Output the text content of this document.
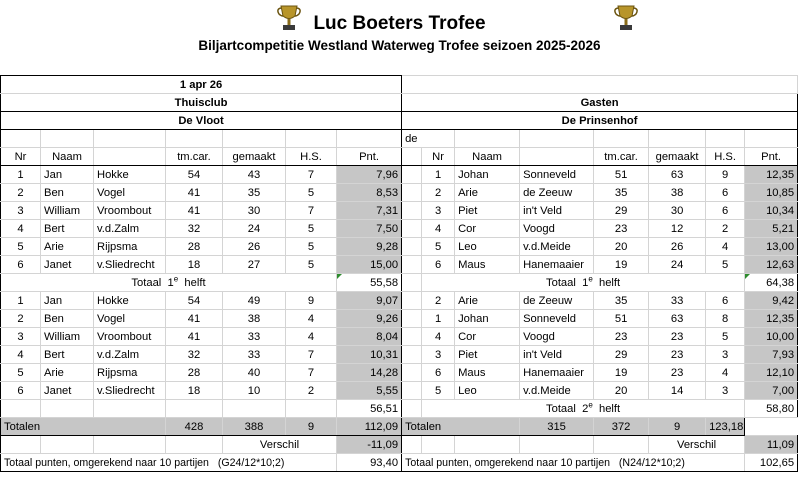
Luc Boeters Trofee
Biljartcompetitie Westland Waterweg Trofee seizoen 2025-2026
1 apr 26														
Thuisclub							Gasten							
De Vloot							De Prinsenhof							
							de							
Nr	Naam		tm.car.	gemaakt	H.S.	Pnt.		Nr	Naam		tm.car.	gemaakt	H.S.	Pnt.
1	Jan	Hokke	54	43	7	7,96		1	Johan	Sonneveld	51	63	9	12,35
2	Ben	Vogel	41	35	5	8,53		2	Arie	de Zeeuw	35	38	6	10,85
3	William	Vroombout	41	30	7	7,31		3	Piet	in't Veld	29	30	6	10,34
4	Bert	v.d.Zalm	32	24	5	7,50		4	Cor	Voogd	23	12	2	5,21
5	Arie	Rijpsma	28	26	5	9,28		5	Leo	v.d.Meide	20	26	4	13,00
6	Janet	v.Sliedrecht	18	27	5	15,00		6	Maus	Hanemaaier	19	24	5	12,63
Totaal 1e helft						55,58		Totaal 1e helft						64,38
1	Jan	Hokke	54	49	9	9,07		2	Arie	de Zeeuw	35	33	6	9,42
2	Ben	Vogel	41	38	4	9,26		1	Johan	Sonneveld	51	63	8	12,35
3	William	Vroombout	41	33	4	8,04		4	Cor	Voogd	23	23	5	10,00
4	Bert	v.d.Zalm	32	33	7	10,31		3	Piet	in't Veld	29	23	3	7,93
5	Arie	Rijpsma	28	40	7	14,28		6	Maus	Hanemaaier	19	23	4	12,10
6	Janet	v.Sliedrecht	18	10	2	5,55		5	Leo	v.d.Meide	20	14	3	7,00
						56,51		Totaal 2e helft						58,80
Totalen			428	388	9	112,09	Totalen			315	372	9	123,18	
				Verschil		-11,09						Verschil		11,09
Totaal punten, omgerekend naar 10 partijen (G24/12*10;2)						93,40	Totaal punten, omgerekend naar 10 partijen (N24/12*10;2)							102,65
